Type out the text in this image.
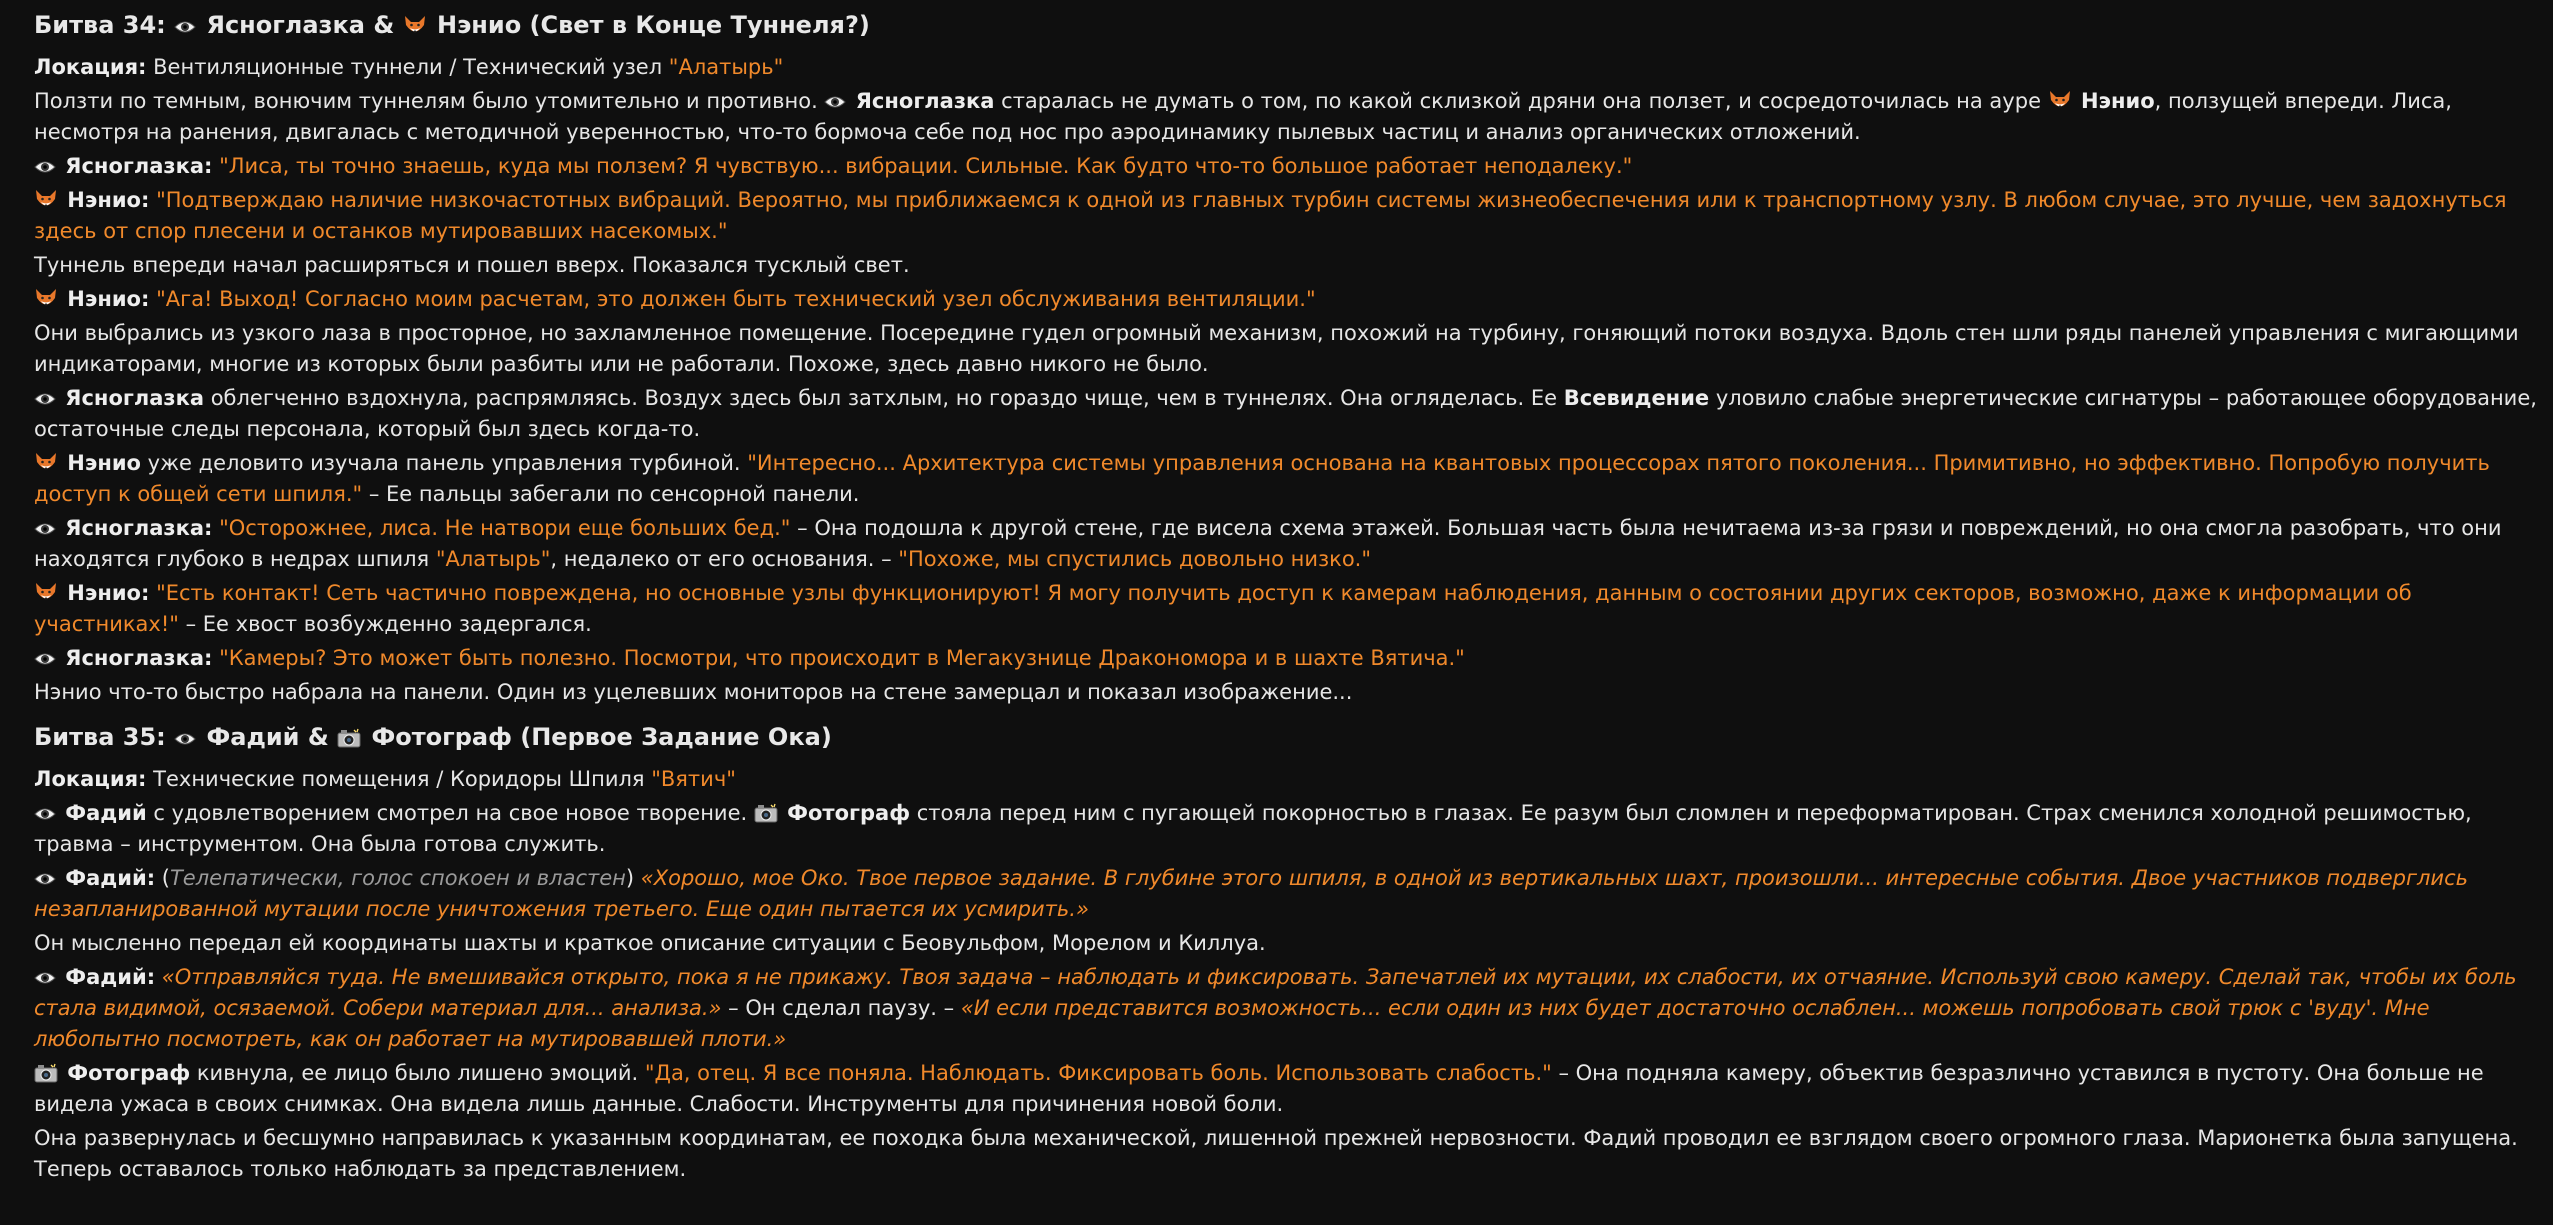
Битва 34:  Ясноглазка &  Нэнио (Свет в Конце Туннеля?)

Локация: Вентиляционные туннели / Технический узел "Алатырь"

Ползти по темным, вонючим туннелям было утомительно и противно.  Ясноглазка старалась не думать о том, по какой склизкой дряни она ползет, и сосредоточилась на ауре  Нэнио, ползущей впереди. Лиса, несмотря на ранения, двигалась с методичной уверенностью, что-то бормоча себе под нос про аэродинамику пылевых частиц и анализ органических отложений.

Ясноглазка: "Лиса, ты точно знаешь, куда мы ползем? Я чувствую... вибрации. Сильные. Как будто что-то большое работает неподалеку."

Нэнио: "Подтверждаю наличие низкочастотных вибраций. Вероятно, мы приближаемся к одной из главных турбин системы жизнеобеспечения или к транспортному узлу. В любом случае, это лучше, чем задохнуться здесь от спор плесени и останков мутировавших насекомых."

Туннель впереди начал расширяться и пошел вверх. Показался тусклый свет.

Нэнио: "Ага! Выход! Согласно моим расчетам, это должен быть технический узел обслуживания вентиляции."

Они выбрались из узкого лаза в просторное, но захламленное помещение. Посередине гудел огромный механизм, похожий на турбину, гоняющий потоки воздуха. Вдоль стен шли ряды панелей управления с мигающими индикаторами, многие из которых были разбиты или не работали. Похоже, здесь давно никого не было.

Ясноглазка облегченно вздохнула, распрямляясь. Воздух здесь был затхлым, но гораздо чище, чем в туннелях. Она огляделась. Ее Всевидение уловило слабые энергетические сигнатуры – работающее оборудование, остаточные следы персонала, который был здесь когда-то.

Нэнио уже деловито изучала панель управления турбиной. "Интересно... Архитектура системы управления основана на квантовых процессорах пятого поколения... Примитивно, но эффективно. Попробую получить доступ к общей сети шпиля." – Ее пальцы забегали по сенсорной панели.

Ясноглазка: "Осторожнее, лиса. Не натвори еще больших бед." – Она подошла к другой стене, где висела схема этажей. Большая часть была нечитаема из-за грязи и повреждений, но она смогла разобрать, что они находятся глубоко в недрах шпиля "Алатырь", недалеко от его основания. – "Похоже, мы спустились довольно низко."

Нэнио: "Есть контакт! Сеть частично повреждена, но основные узлы функционируют! Я могу получить доступ к камерам наблюдения, данным о состоянии других секторов, возможно, даже к информации об участниках!" – Ее хвост возбужденно задергался.

Ясноглазка: "Камеры? Это может быть полезно. Посмотри, что происходит в Мегакузнице Дракономора и в шахте Вятича."

Нэнио что-то быстро набрала на панели. Один из уцелевших мониторов на стене замерцал и показал изображение...

Битва 35:  Фадий &  Фотограф (Первое Задание Ока)

Локация: Технические помещения / Коридоры Шпиля "Вятич"

Фадий с удовлетворением смотрел на свое новое творение.  Фотограф стояла перед ним с пугающей покорностью в глазах. Ее разум был сломлен и переформатирован. Страх сменился холодной решимостью, травма – инструментом. Она была готова служить.

Фадий: (Телепатически, голос спокоен и властен) «Хорошо, мое Око. Твое первое задание. В глубине этого шпиля, в одной из вертикальных шахт, произошли... интересные события. Двое участников подверглись незапланированной мутации после уничтожения третьего. Еще один пытается их усмирить.»

Он мысленно передал ей координаты шахты и краткое описание ситуации с Беовульфом, Морелом и Киллуа.

Фадий: «Отправляйся туда. Не вмешивайся открыто, пока я не прикажу. Твоя задача – наблюдать и фиксировать. Запечатлей их мутации, их слабости, их отчаяние. Используй свою камеру. Сделай так, чтобы их боль стала видимой, осязаемой. Собери материал для... анализа.» – Он сделал паузу. – «И если представится возможность... если один из них будет достаточно ослаблен... можешь попробовать свой трюк с 'вуду'. Мне любопытно посмотреть, как он работает на мутировавшей плоти.»

Фотограф кивнула, ее лицо было лишено эмоций. "Да, отец. Я все поняла. Наблюдать. Фиксировать боль. Использовать слабость." – Она подняла камеру, объектив безразлично уставился в пустоту. Она больше не видела ужаса в своих снимках. Она видела лишь данные. Слабости. Инструменты для причинения новой боли.

Она развернулась и бесшумно направилась к указанным координатам, ее походка была механической, лишенной прежней нервозности. Фадий проводил ее взглядом своего огромного глаза. Марионетка была запущена. Теперь оставалось только наблюдать за представлением.
